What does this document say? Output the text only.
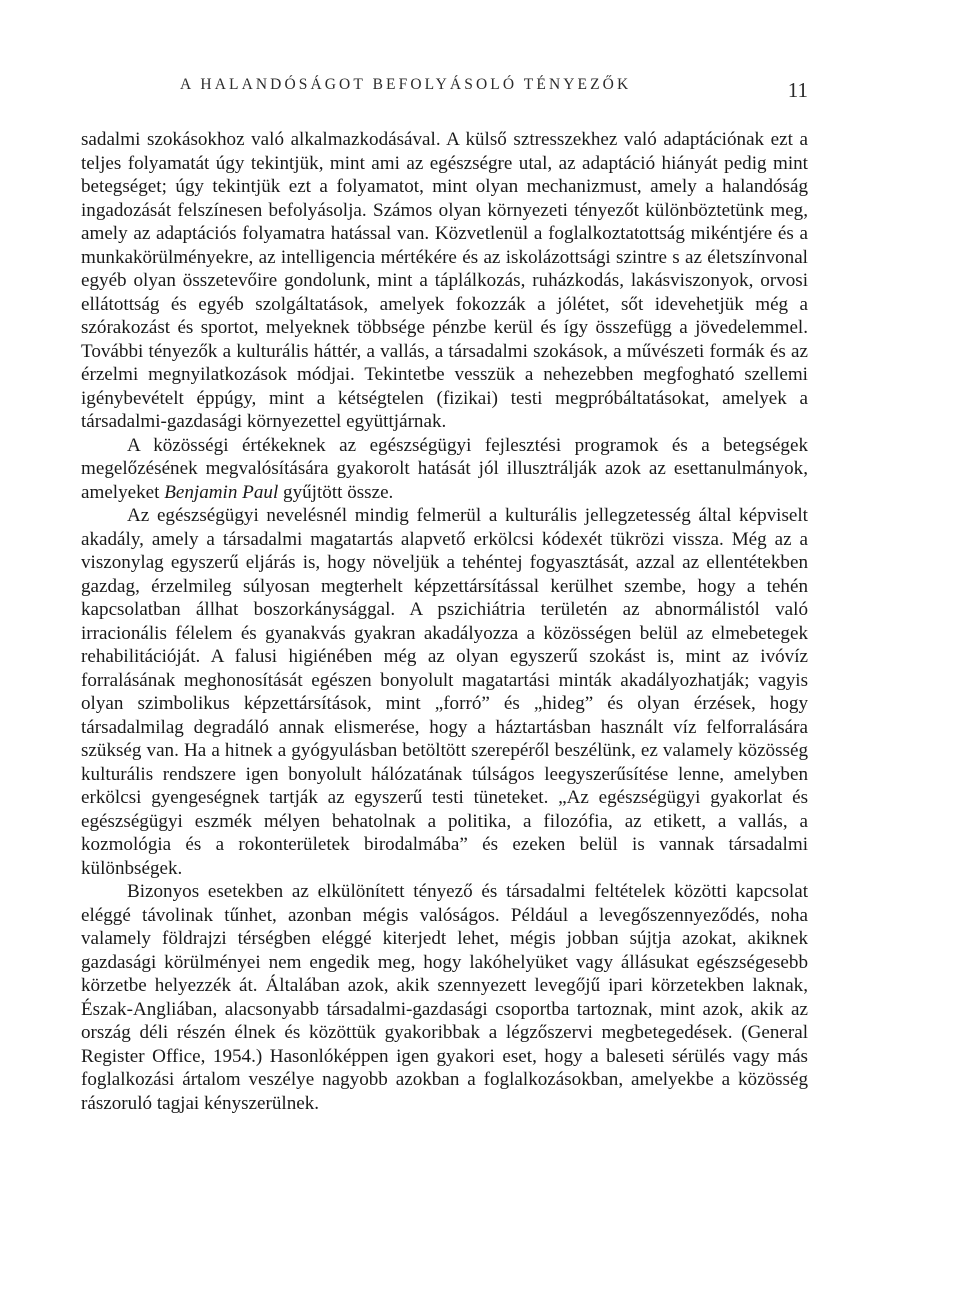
A HALANDÓSÁGOT BEFOLYÁSOLÓ TÉNYEZŐK	11

sadalmi szokásokhoz való alkalmazkodásával. A külső sztresszekhez való adaptációnak ezt a teljes folyamatát úgy tekintjük, mint ami az egészségre utal, az adaptáció hiányát pedig mint betegséget; úgy tekintjük ezt a folyamatot, mint olyan mechanizmust, amely a halandóság ingadozását felszínesen befolyásolja. Számos olyan környezeti tényezőt különböztetünk meg, amely az adaptációs folyamatra hatással van. Közvetlenül a foglalkoztatottság mikéntjére és a munkakörülményekre, az intelligencia mértékére és az iskolázottsági szintre s az életszínvonal egyéb olyan összetevőire gondolunk, mint a táplálkozás, ruházkodás, lakásviszonyok, orvosi ellátottság és egyéb szolgáltatások, amelyek fokozzák a jólétet, sőt idevehetjük még a szórakozást és sportot, melyeknek többsége pénzbe kerül és így összefügg a jövedelemmel. További tényezők a kulturális háttér, a vallás, a társadalmi szokások, a művészeti formák és az érzelmi megnyilatkozások módjai. Tekintetbe vesszük a nehezebben megfogható szellemi igénybevételt éppúgy, mint a kétségtelen (fizikai) testi megpróbáltatásokat, amelyek a társadalmi-gazdasági környezettel együttjárnak.

A közösségi értékeknek az egészségügyi fejlesztési programok és a betegségek megelőzésének megvalósítására gyakorolt hatását jól illusztrálják azok az esettanulmányok, amelyeket Benjamin Paul gyűjtött össze.

Az egészségügyi nevelésnél mindig felmerül a kulturális jellegzetesség által képviselt akadály, amely a társadalmi magatartás alapvető erkölcsi kódexét tükrözi vissza. Még az a viszonylag egyszerű eljárás is, hogy növeljük a tehéntej fogyasztását, azzal az ellentétekben gazdag, érzelmileg súlyosan megterhelt képzettársítással kerülhet szembe, hogy a tehén kapcsolatban állhat boszorkánysággal. A pszichiátria területén az abnormálistól való irracionális félelem és gyanakvás gyakran akadályozza a közösségen belül az elmebetegek rehabilitációját. A falusi higiénében még az olyan egyszerű szokást is, mint az ivóvíz forralásának meghonosítását egészen bonyolult magatartási minták akadályozhatják; vagyis olyan szimbolikus képzettársítások, mint „forró” és „hideg” és olyan érzések, hogy társadalmilag degradáló annak elismerése, hogy a háztartásban használt víz felforralására szükség van. Ha a hitnek a gyógyulásban betöltött szerepéről beszélünk, ez valamely közösség kulturális rendszere igen bonyolult hálózatának túlságos leegyszerűsítése lenne, amelyben erkölcsi gyengeségnek tartják az egyszerű testi tüneteket. „Az egészségügyi gyakorlat és egészségügyi eszmék mélyen behatolnak a politika, a filozófia, az etikett, a vallás, a kozmológia és a rokonterületek birodalmába” és ezeken belül is vannak társadalmi különbségek.

Bizonyos esetekben az elkülönített tényező és társadalmi feltételek közötti kapcsolat eléggé távolinak tűnhet, azonban mégis valóságos. Például a levegőszennyeződés, noha valamely földrajzi térségben eléggé kiterjedt lehet, mégis jobban sújtja azokat, akiknek gazdasági körülményei nem engedik meg, hogy lakóhelyüket vagy állásukat egészségesebb körzetbe helyezzék át. Általában azok, akik szennyezett levegőjű ipari körzetekben laknak, Észak-Angliában, alacsonyabb társadalmi-gazdasági csoportba tartoznak, mint azok, akik az ország déli részén élnek és közöttük gyakoribbak a légzőszervi megbetegedések. (General Register Office, 1954.) Hasonlóképpen igen gyakori eset, hogy a baleseti sérülés vagy más foglalkozási ártalom veszélye nagyobb azokban a foglalkozásokban, amelyekbe a közösség rászoruló tagjai kényszerülnek.
